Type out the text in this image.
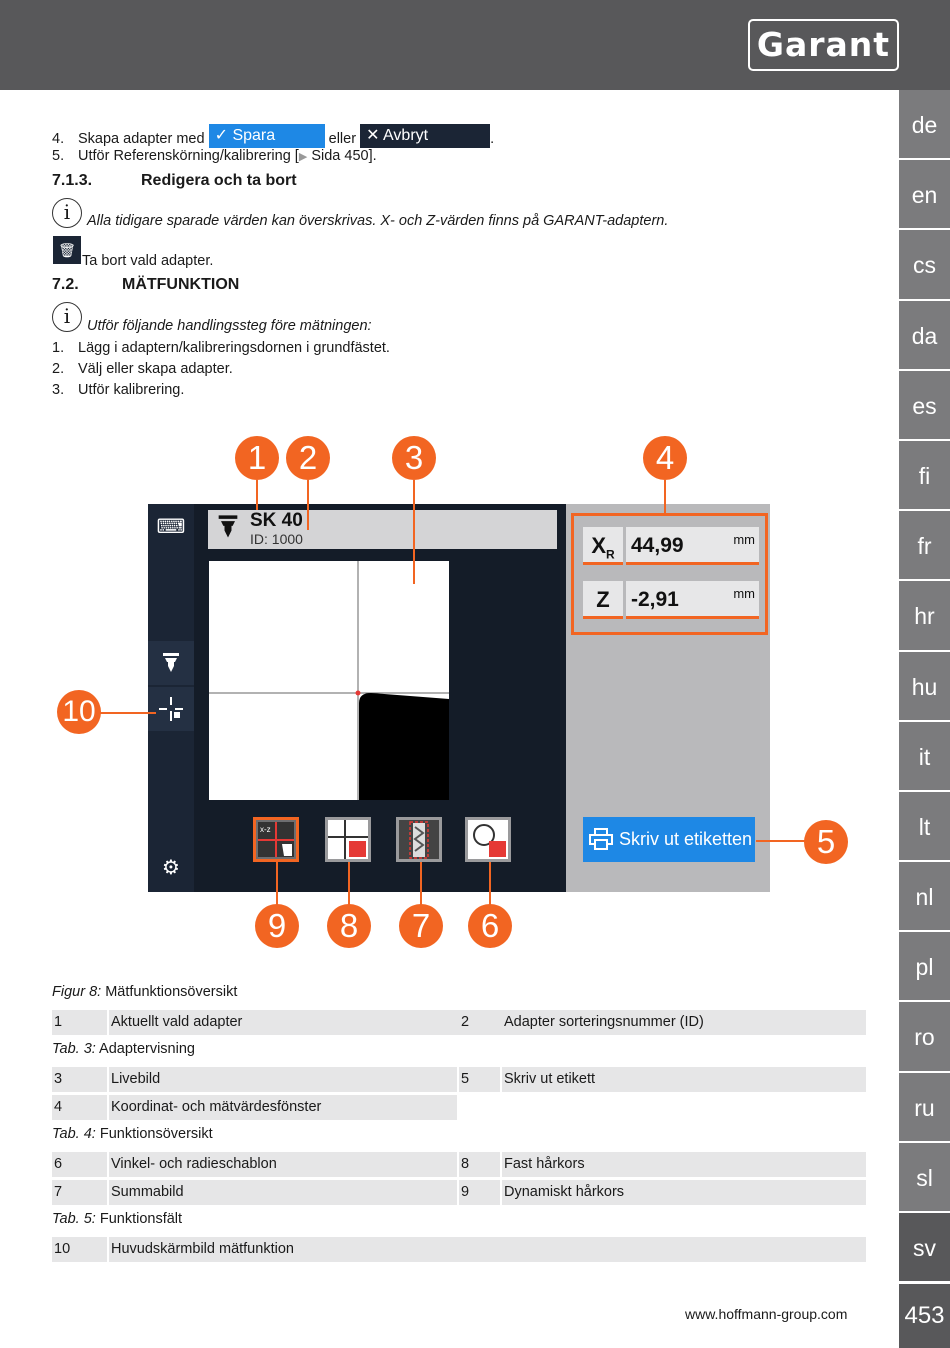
Garant
4. Skapa adapter med ✓ Spara	eller ✕ Avbryt	.
5. Utför Referenskörning/kalibrering [▶ Sida 450].
7.1.3.	Redigera och ta bort
i	Alla tidigare sparade värden kan överskrivas. X- och Z-värden finns på GARANT-adaptern.
🗑
Ta bort vald adapter.
7.2.	MÄTFUNKTION
i	Utför följande handlingssteg före mätningen:
1. Lägg i adaptern/kalibreringsdornen i grundfästet.
2. Välj eller skapa adapter.
3. Utför kalibrering.
⌨
⚙
SK 40
ID: 1000	$X_R$ 44,99	mm
Z	-2,91	mm
Skriv ut etiketten
x-z
1 2	3	4
5
6
7
8
9
10
Figur 8: Mätfunktionsöversikt
1	Aktuellt vald adapter	2	Adapter sorteringsnummer (ID)
Tab. 3: Adaptervisning
3	Livebild	5	Skriv ut etikett
4	Koordinat- och mätvärdesfönster
Tab. 4: Funktionsöversikt
6	Vinkel- och radieschablon	8	Fast hårkors
7	Summabild	9	Dynamiskt hårkors
Tab. 5: Funktionsfält
10	Huvudskärmbild mätfunktion
de
en
cs
da
es
fi
fr
hr
hu
it
lt
nl
pl
ro
ru
sl
sv
453
www.hoffmann-group.com
